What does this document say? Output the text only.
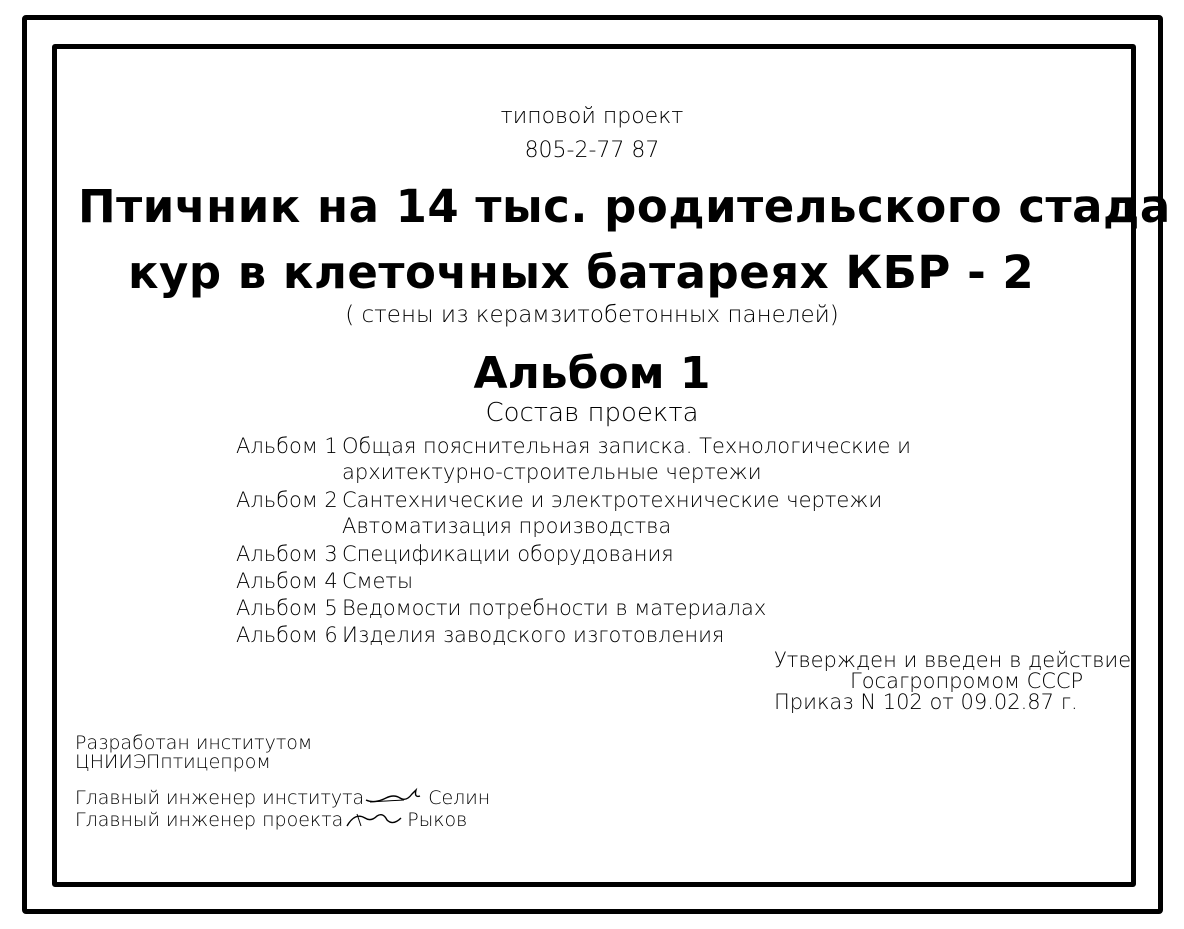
типовой проект
805-2-77 87
Птичник на 14 тыс. родительского стада
кур в клеточных батареях КБР - 2
( стены из керамзитобетонных панелей)
Альбом 1
Состав проекта
Альбом 1 Общая пояснительная записка. Технологические и
архитектурно-строительные чертежи
Альбом 2 Сантехнические и электротехнические чертежи
Автоматизация производства
Альбом 3 Спецификации оборудования
Альбом 4 Сметы
Альбом 5 Ведомости потребности в материалах
Альбом 6 Изделия заводского изготовления
Утвержден и введен в действие
Госагропромом СССР
Приказ N 102 от 09.02.87 г.
Разработан институтом
ЦНИИЭПптицепром
Главный инженер института	Селин
Главный инженер проекта	Рыков
